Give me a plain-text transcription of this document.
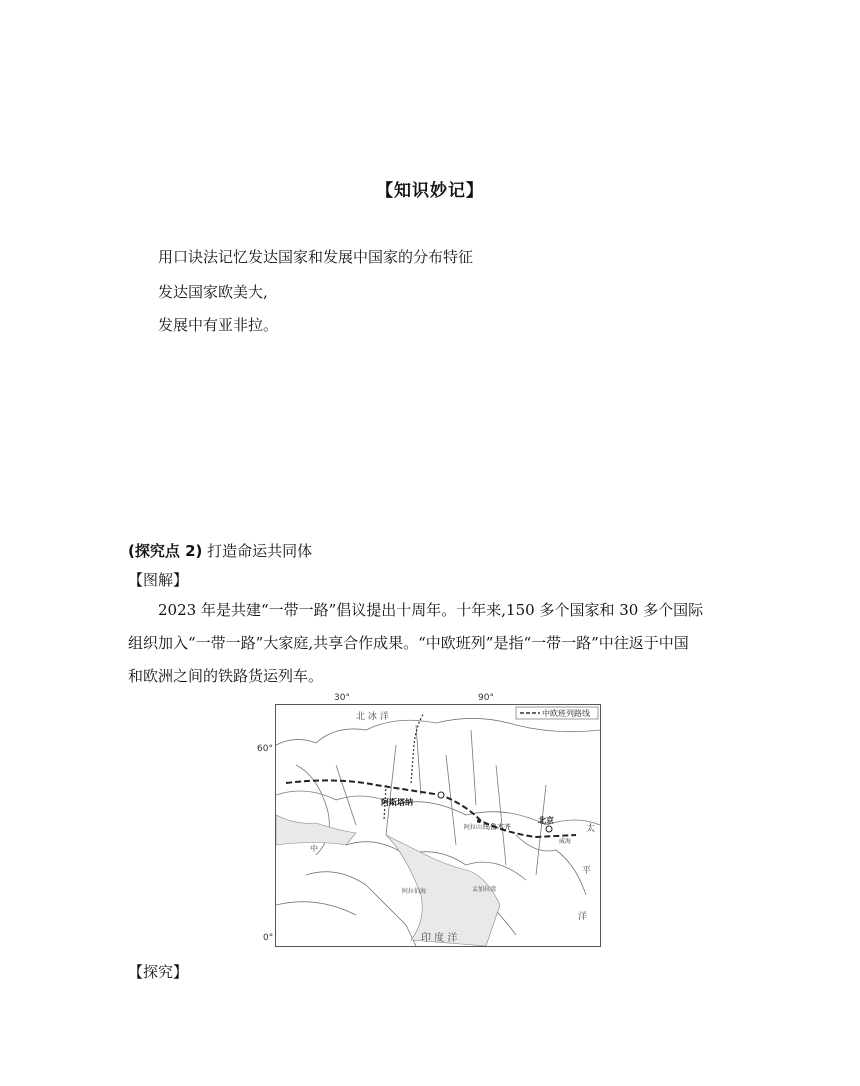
【知识妙记】
用口诀法记忆发达国家和发展中国家的分布特征
发达国家欧美大,
发展中有亚非拉。
(探究点 2) 打造命运共同体
【图解】
2023 年是共建“一带一路”倡议提出十周年。十年来,150 多个国家和 30 多个国际
组织加入“一带一路”大家庭,共享合作成果。“中欧班列”是指“一带一路”中往返于中国
和欧洲之间的铁路货运列车。
30°	90°
60°
0°
中欧班列路线
阿斯塔纳
北京
乌鲁木齐
阿拉山口
威海
北 冰 洋
印 度 洋
洋
阿拉伯海	孟加拉湾
中
太
平
【探究】
